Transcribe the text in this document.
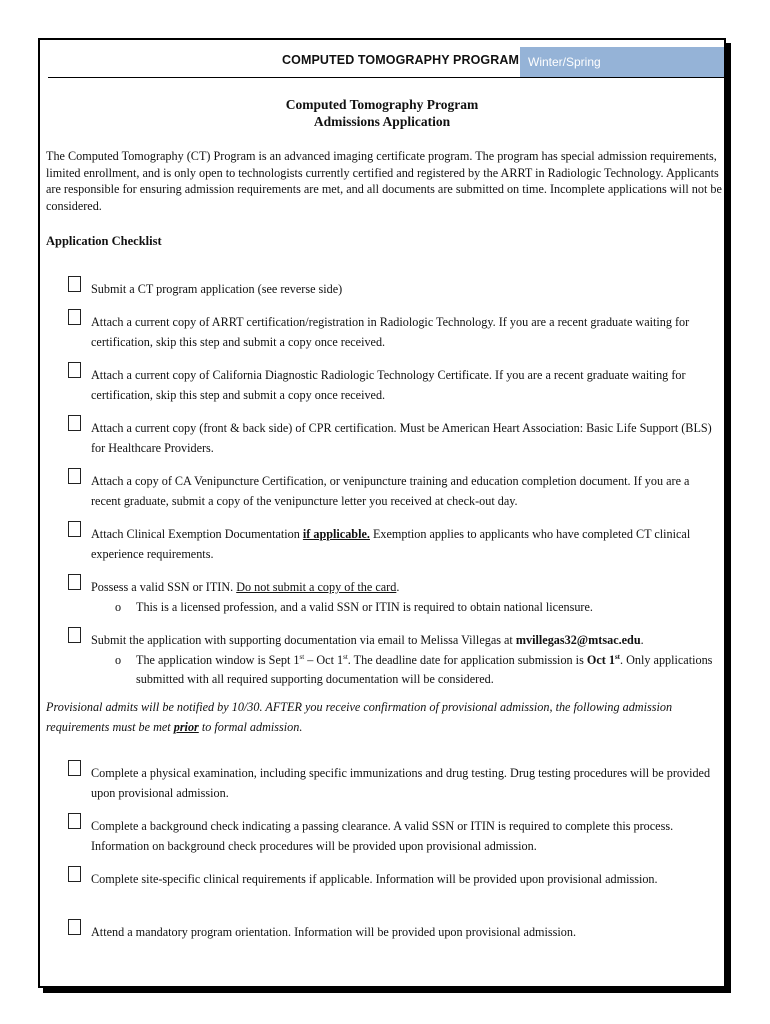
COMPUTED TOMOGRAPHY PROGRAM Winter/Spring
Computed Tomography Program
Admissions Application
The Computed Tomography (CT) Program is an advanced imaging certificate program. The program has special admission requirements, limited enrollment, and is only open to technologists currently certified and registered by the ARRT in Radiologic Technology. Applicants are responsible for ensuring admission requirements are met, and all documents are submitted on time. Incomplete applications will not be considered.
Application Checklist
Submit a CT program application (see reverse side)
Attach a current copy of ARRT certification/registration in Radiologic Technology. If you are a recent graduate waiting for certification, skip this step and submit a copy once received.
Attach a current copy of California Diagnostic Radiologic Technology Certificate. If you are a recent graduate waiting for certification, skip this step and submit a copy once received.
Attach a current copy (front & back side) of CPR certification. Must be American Heart Association: Basic Life Support (BLS) for Healthcare Providers.
Attach a copy of CA Venipuncture Certification, or venipuncture training and education completion document. If you are a recent graduate, submit a copy of the venipuncture letter you received at check-out day.
Attach Clinical Exemption Documentation if applicable. Exemption applies to applicants who have completed CT clinical experience requirements.
Possess a valid SSN or ITIN. Do not submit a copy of the card.
o This is a licensed profession, and a valid SSN or ITIN is required to obtain national licensure.
Submit the application with supporting documentation via email to Melissa Villegas at mvillegas32@mtsac.edu.
o The application window is Sept 1st – Oct 1st. The deadline date for application submission is Oct 1st. Only applications submitted with all required supporting documentation will be considered.
Provisional admits will be notified by 10/30. AFTER you receive confirmation of provisional admission, the following admission requirements must be met prior to formal admission.
Complete a physical examination, including specific immunizations and drug testing. Drug testing procedures will be provided upon provisional admission.
Complete a background check indicating a passing clearance. A valid SSN or ITIN is required to complete this process. Information on background check procedures will be provided upon provisional admission.
Complete site-specific clinical requirements if applicable. Information will be provided upon provisional admission.
Attend a mandatory program orientation. Information will be provided upon provisional admission.
